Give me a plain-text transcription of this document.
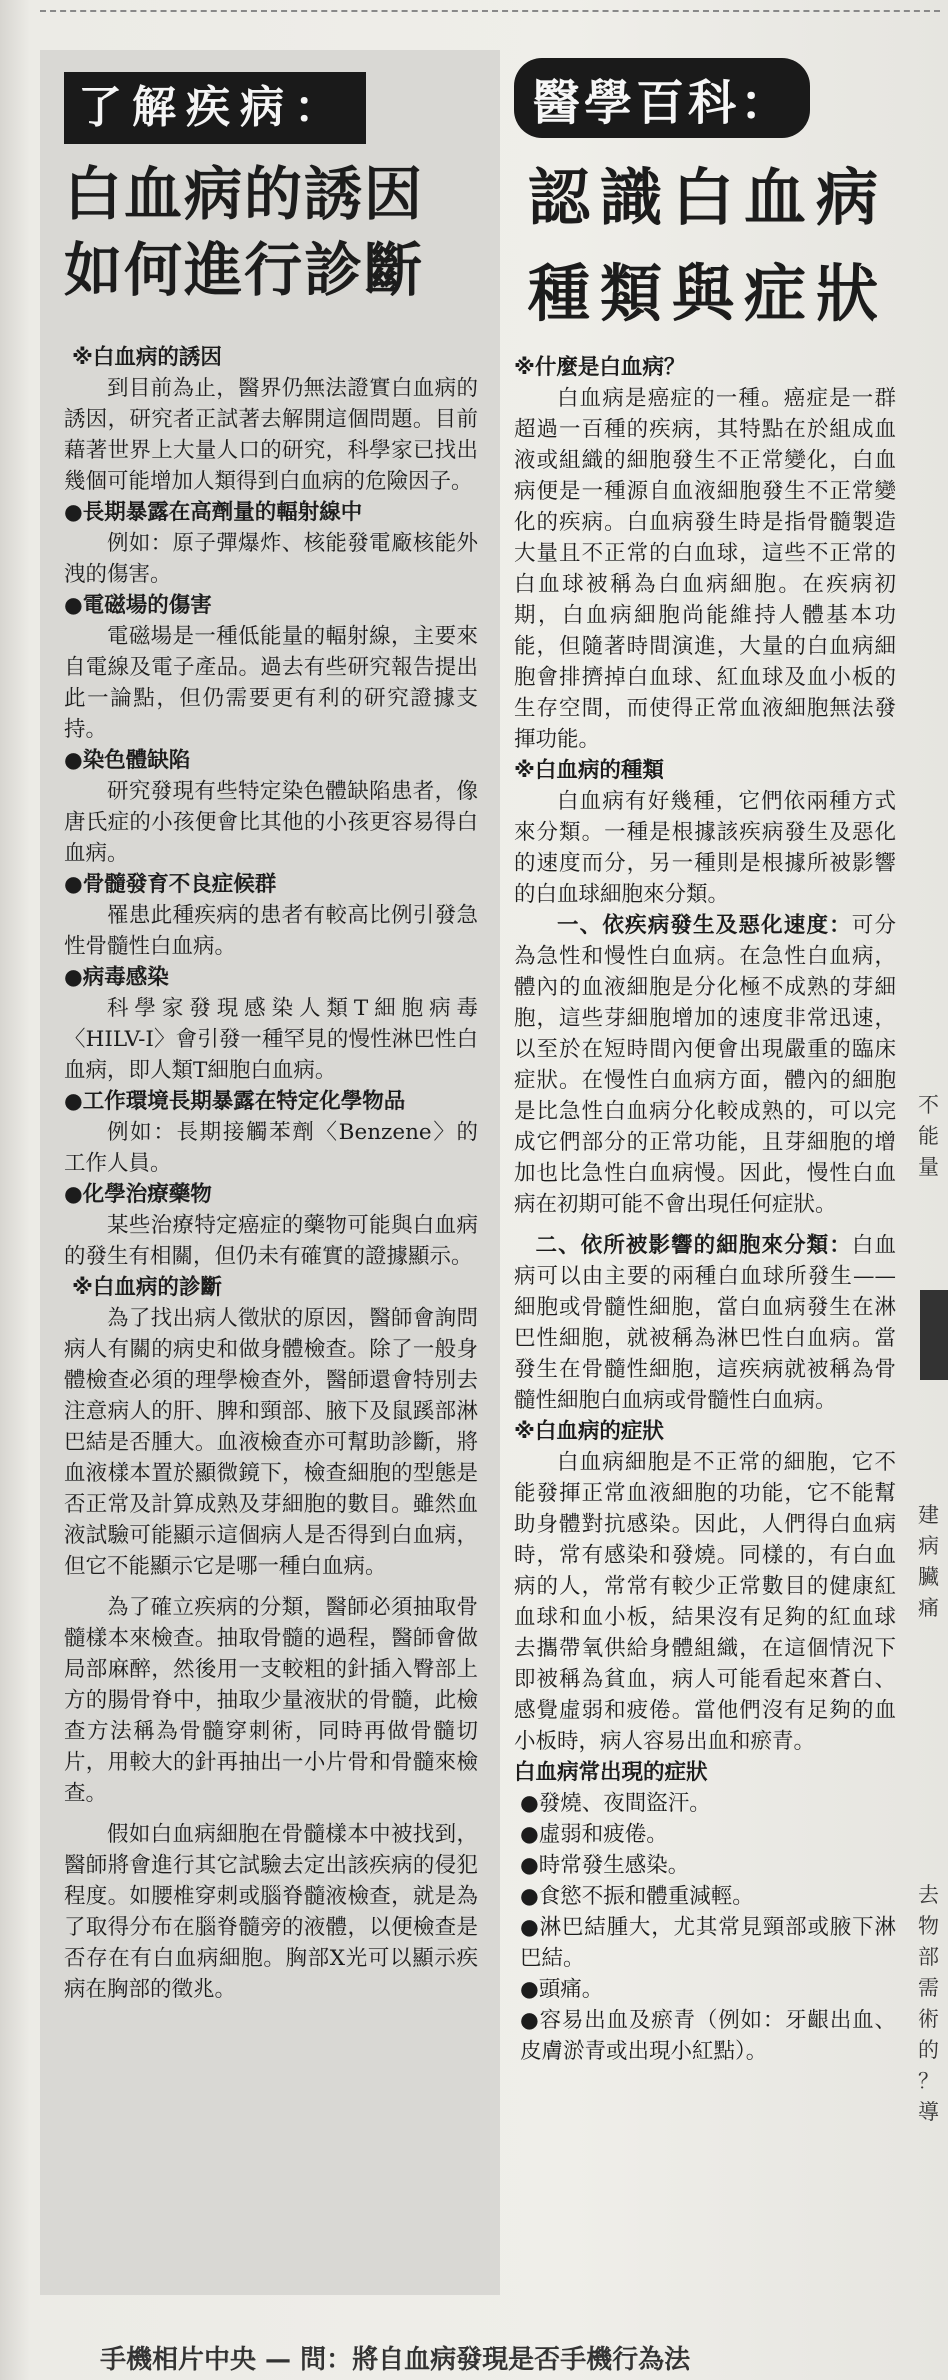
了解疾病：
白血病的誘因
如何進行診斷
※白血病的誘因
到目前為止，醫界仍無法證實白血病的誘因，研究者正試著去解開這個問題。目前藉著世界上大量人口的研究，科學家已找出幾個可能增加人類得到白血病的危險因子。
●長期暴露在高劑量的輻射線中
例如：原子彈爆炸、核能發電廠核能外洩的傷害。
●電磁場的傷害
電磁場是一種低能量的輻射線，主要來自電線及電子產品。過去有些研究報告提出此一論點，但仍需要更有利的研究證據支持。
●染色體缺陷
研究發現有些特定染色體缺陷患者，像唐氏症的小孩便會比其他的小孩更容易得白血病。
●骨髓發育不良症候群
罹患此種疾病的患者有較高比例引發急性骨髓性白血病。
●病毒感染
科學家發現感染人類T細胞病毒〈HILV-I〉會引發一種罕見的慢性淋巴性白血病，即人類T細胞白血病。
●工作環境長期暴露在特定化學物品
例如：長期接觸苯劑〈Benzene〉的工作人員。
●化學治療藥物
某些治療特定癌症的藥物可能與白血病的發生有相關，但仍未有確實的證據顯示。
※白血病的診斷
為了找出病人徵狀的原因，醫師會詢問病人有關的病史和做身體檢查。除了一般身體檢查必須的理學檢查外，醫師還會特別去注意病人的肝、脾和頸部、腋下及鼠蹊部淋巴結是否腫大。血液檢查亦可幫助診斷，將血液樣本置於顯微鏡下，檢查細胞的型態是否正常及計算成熟及芽細胞的數目。雖然血液試驗可能顯示這個病人是否得到白血病，但它不能顯示它是哪一種白血病。
為了確立疾病的分類，醫師必須抽取骨髓樣本來檢查。抽取骨髓的過程，醫師會做局部麻醉，然後用一支較粗的針插入臀部上方的腸骨脊中，抽取少量液狀的骨髓，此檢查方法稱為骨髓穿刺術，同時再做骨髓切片，用較大的針再抽出一小片骨和骨髓來檢查。
假如白血病細胞在骨髓樣本中被找到，醫師將會進行其它試驗去定出該疾病的侵犯程度。如腰椎穿刺或腦脊髓液檢查，就是為了取得分布在腦脊髓旁的液體，以便檢查是否存在有白血病細胞。胸部X光可以顯示疾病在胸部的徵兆。
醫學百科：
認識白血病
種類與症狀
※什麼是白血病？
白血病是癌症的一種。癌症是一群超過一百種的疾病，其特點在於組成血液或組織的細胞發生不正常變化，白血病便是一種源自血液細胞發生不正常變化的疾病。白血病發生時是指骨髓製造大量且不正常的白血球，這些不正常的白血球被稱為白血病細胞。在疾病初期，白血病細胞尚能維持人體基本功能，但隨著時間演進，大量的白血病細胞會排擠掉白血球、紅血球及血小板的生存空間，而使得正常血液細胞無法發揮功能。
※白血病的種類
白血病有好幾種，它們依兩種方式來分類。一種是根據該疾病發生及惡化的速度而分，另一種則是根據所被影響的白血球細胞來分類。
一、依疾病發生及惡化速度：可分為急性和慢性白血病。在急性白血病，體內的血液細胞是分化極不成熟的芽細胞，這些芽細胞增加的速度非常迅速，以至於在短時間內便會出現嚴重的臨床症狀。在慢性白血病方面，體內的細胞是比急性白血病分化較成熟的，可以完成它們部分的正常功能，且芽細胞的增加也比急性白血病慢。因此，慢性白血病在初期可能不會出現任何症狀。
二、依所被影響的細胞來分類：白血病可以由主要的兩種白血球所發生——細胞或骨髓性細胞，當白血病發生在淋巴性細胞，就被稱為淋巴性白血病。當發生在骨髓性細胞，這疾病就被稱為骨髓性細胞白血病或骨髓性白血病。
※白血病的症狀
白血病細胞是不正常的細胞，它不能發揮正常血液細胞的功能，它不能幫助身體對抗感染。因此，人們得白血病時，常有感染和發燒。同樣的，有白血病的人，常常有較少正常數目的健康紅血球和血小板，結果沒有足夠的紅血球去攜帶氧供給身體組織，在這個情況下即被稱為貧血，病人可能看起來蒼白、感覺虛弱和疲倦。當他們沒有足夠的血小板時，病人容易出血和瘀青。
白血病常出現的症狀
●發燒、夜間盜汗。
●虛弱和疲倦。
●時常發生感染。
●食慾不振和體重減輕。
●淋巴結腫大，尤其常見頸部或腋下淋巴結。
●頭痛。
●容易出血及瘀青（例如：牙齦出血、皮膚淤青或出現小紅點）。
不
能
量
建
病
臟
痛
去
物
部
需
術
的
？
導
手機相片中央 — 問：將自血病發現是否手機行為法
